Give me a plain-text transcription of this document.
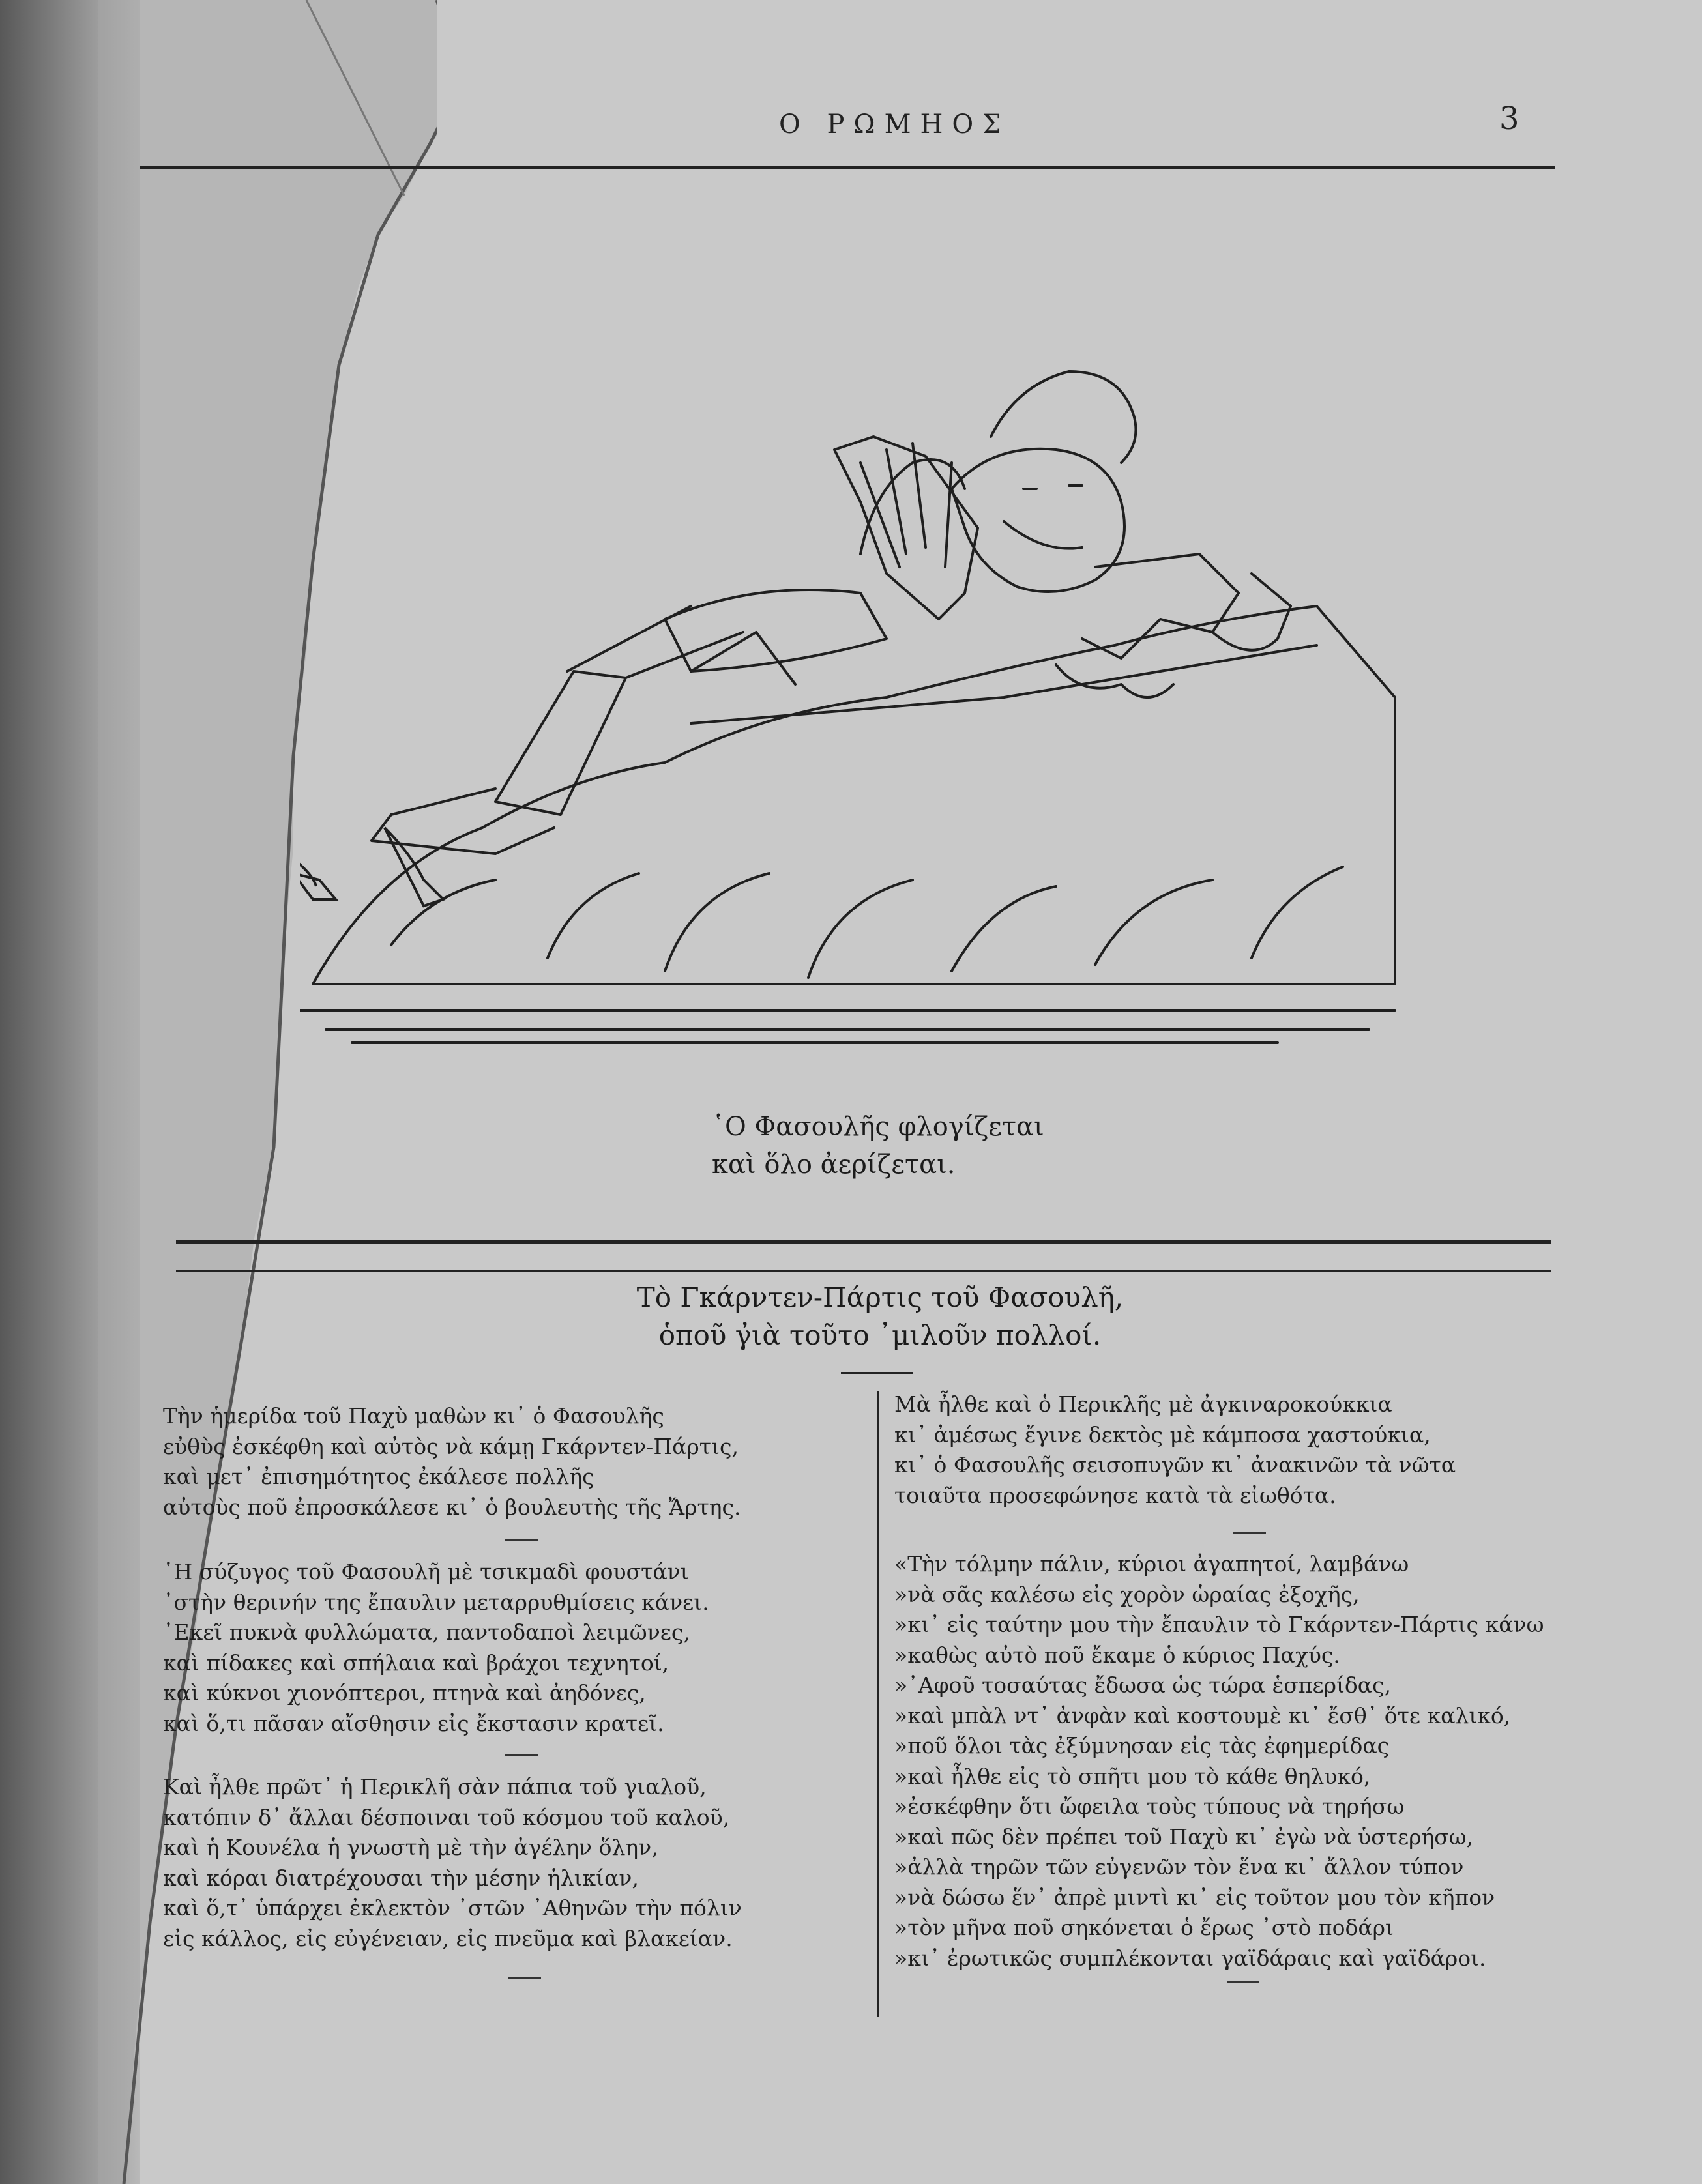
Ο ΡΩΜΗΟΣ	3
῾Ο Φασουλῆς φλογίζεται
καὶ ὅλο ἀερίζεται.
Τὸ Γκάρντεν-Πάρτις τοῦ Φασουλῆ,
ὁποῦ γ̓ιὰ τοῦτο ᾿μιλοῦν πολλοί.

Τὴν ἡμερίδα τοῦ Παχὺ μαθὼν κι᾿ ὁ Φασουλῆς

εὐθὺς ἐσκέφθη καὶ αὐτὸς νὰ κάμῃ Γκάρντεν-Πάρτις,

καὶ μετ᾿ ἐπισημότητος ἐκάλεσε πολλῆς

αὐτοὺς ποῦ ἐπροσκάλεσε κι᾿ ὁ βουλευτὴς τῆς Ἄρτης.

῾Η σύζυγος τοῦ Φασουλῆ μὲ τσικμαδὶ φουστάνι

᾿στὴν θερινήν της ἔπαυλιν μεταρρυθμίσεις κάνει.

᾿Εκεῖ πυκνὰ φυλλώματα, παντοδαποὶ λειμῶνες,

καὶ πίδακες καὶ σπήλαια καὶ βράχοι τεχνητοί,

καὶ κύκνοι χιονόπτεροι, πτηνὰ καὶ ἀηδόνες,

καὶ ὅ,τι πᾶσαν αἴσθησιν εἰς ἔκστασιν κρατεῖ.

Καὶ ἦλθε πρῶτ᾿ ἡ Περικλῆ σὰν πάπια τοῦ γιαλοῦ,

κατόπιν δ᾿ ἄλλαι δέσποιναι τοῦ κόσμου τοῦ καλοῦ,

καὶ ἡ Κουνέλα ἡ γνωστὴ μὲ τὴν ἀγέλην ὅλην,

καὶ κόραι διατρέχουσαι τὴν μέσην ἡλικίαν,

καὶ ὅ,τ᾿ ὑπάρχει ἐκλεκτὸν ᾿στῶν ᾿Αθηνῶν τὴν πόλιν

εἰς κάλλος, εἰς εὐγένειαν, εἰς πνεῦμα καὶ βλακείαν.

Μὰ ἦλθε καὶ ὁ Περικλῆς μὲ ἀγκιναροκούκκια

κι᾿ ἀμέσως ἔγινε δεκτὸς μὲ κάμποσα χαστούκια,

κι᾿ ὁ Φασουλῆς σεισοπυγῶν κι᾿ ἀνακινῶν τὰ νῶτα

τοιαῦτα προσεφώνησε κατὰ τὰ εἰωθότα.

«Τὴν τόλμην πάλιν, κύριοι ἀγαπητοί, λαμβάνω

»νὰ σᾶς καλέσω εἰς χορὸν ὡραίας ἐξοχῆς,

»κι᾿ εἰς ταύτην μου τὴν ἔπαυλιν τὸ Γκάρντεν-Πάρτις κάνω

»καθὼς αὐτὸ ποῦ ἔκαμε ὁ κύριος Παχύς.

»᾿Αφοῦ τοσαύτας ἔδωσα ὡς τώρα ἑσπερίδας,

»καὶ μπὰλ ντ᾿ ἀνφὰν καὶ κοστουμὲ κι᾿ ἔσθ᾿ ὅτε καλικό,

»ποῦ ὅλοι τὰς ἐξύμνησαν εἰς τὰς ἐφημερίδας

»καὶ ἦλθε εἰς τὸ σπῆτι μου τὸ κάθε θηλυκό,

»ἐσκέφθην ὅτι ὤφειλα τοὺς τύπους νὰ τηρήσω

»καὶ πῶς δὲν πρέπει τοῦ Παχὺ κι᾿ ἐγὼ νὰ ὑστερήσω,

»ἀλλὰ τηρῶν τῶν εὐγενῶν τὸν ἕνα κι᾿ ἄλλον τύπον

»νὰ δώσω ἕν᾿ ἀπρὲ μιντὶ κι᾿ εἰς τοῦτον μου τὸν κῆπον

»τὸν μῆνα ποῦ σηκόνεται ὁ ἔρως ᾿στὸ ποδάρι

»κι᾿ ἐρωτικῶς συμπλέκονται γαϊδάραις καὶ γαϊδάροι.
